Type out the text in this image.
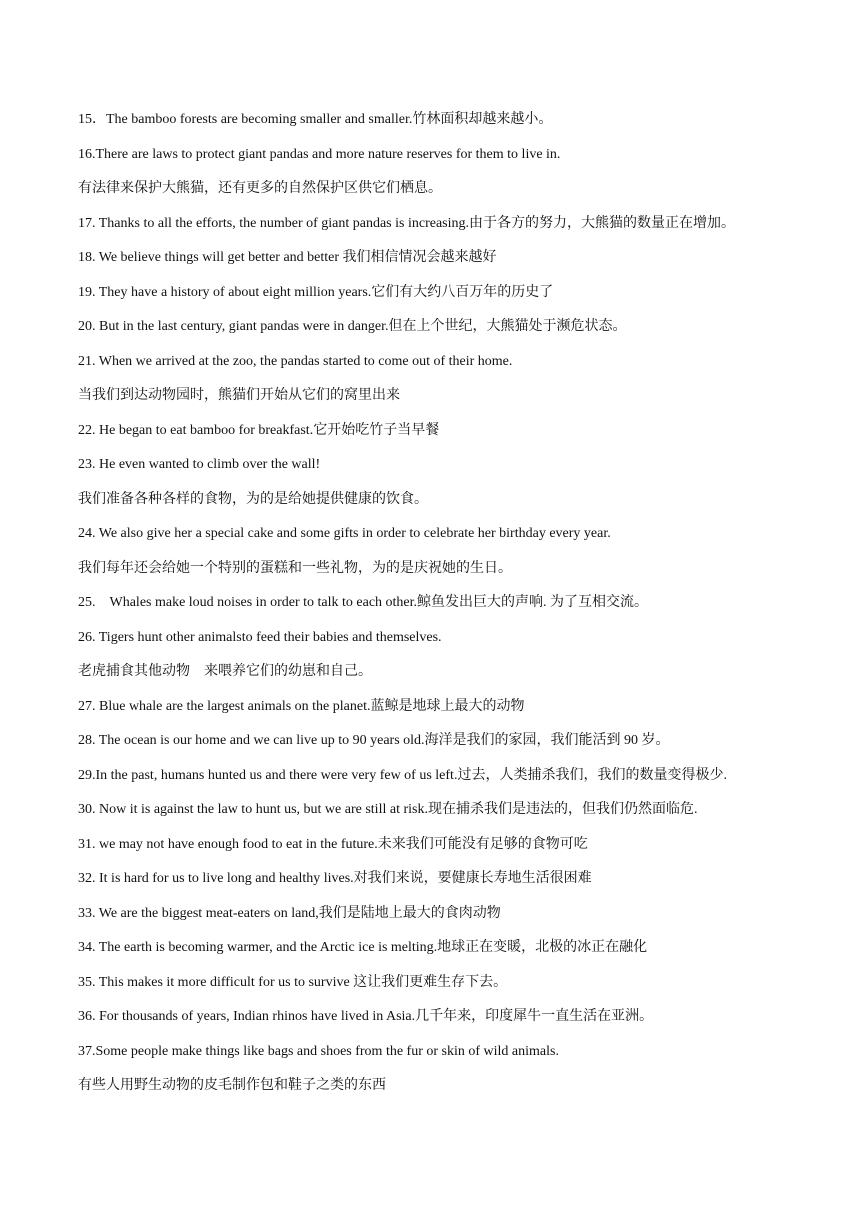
15．The bamboo forests are becoming smaller and smaller.竹林面积却越来越小。
16.There are laws to protect giant pandas and more nature reserves for them to live in.
有法律来保护大熊猫，还有更多的自然保护区供它们栖息。
17. Thanks to all the efforts, the number of giant pandas is increasing.由于各方的努力，大熊猫的数量正在增加。
18. We believe things will get better and better 我们相信情况会越来越好
19. They have a history of about eight million years.它们有大约八百万年的历史了
20. But in the last century, giant pandas were in danger.但在上个世纪，大熊猫处于濒危状态。
21. When we arrived at the zoo, the pandas started to come out of their home.
当我们到达动物园时，熊猫们开始从它们的窝里出来
22. He began to eat bamboo for breakfast.它开始吃竹子当早餐
23. He even wanted to climb over the wall!
我们准备各种各样的食物，为的是给她提供健康的饮食。
24. We also give her a special cake and some gifts in order to celebrate her birthday every year.
我们每年还会给她一个特别的蛋糕和一些礼物，为的是庆祝她的生日。
25.　Whales make loud noises in order to talk to each other.鲸鱼发出巨大的声响. 为了互相交流。
26. Tigers hunt other animalsto feed their babies and themselves.
老虎捕食其他动物　来喂养它们的幼崽和自己。
27. Blue whale are the largest animals on the planet.蓝鲸是地球上最大的动物
28. The ocean is our home and we can live up to 90 years old.海洋是我们的家园，我们能活到 90 岁。
29.In the past, humans hunted us and there were very few of us left.过去，人类捕杀我们，我们的数量变得极少.
30. Now it is against the law to hunt us, but we are still at risk.现在捕杀我们是违法的，但我们仍然面临危.
31. we may not have enough food to eat in the future.未来我们可能没有足够的食物可吃
32. It is hard for us to live long and healthy lives.对我们来说，要健康长寿地生活很困难
33. We are the biggest meat-eaters on land,我们是陆地上最大的食肉动物
34. The earth is becoming warmer, and the Arctic ice is melting.地球正在变暖，北极的冰正在融化
35. This makes it more difficult for us to survive 这让我们更难生存下去。
36. For thousands of years, Indian rhinos have lived in Asia.几千年来，印度犀牛一直生活在亚洲。
37.Some people make things like bags and shoes from the fur or skin of wild animals.
有些人用野生动物的皮毛制作包和鞋子之类的东西
